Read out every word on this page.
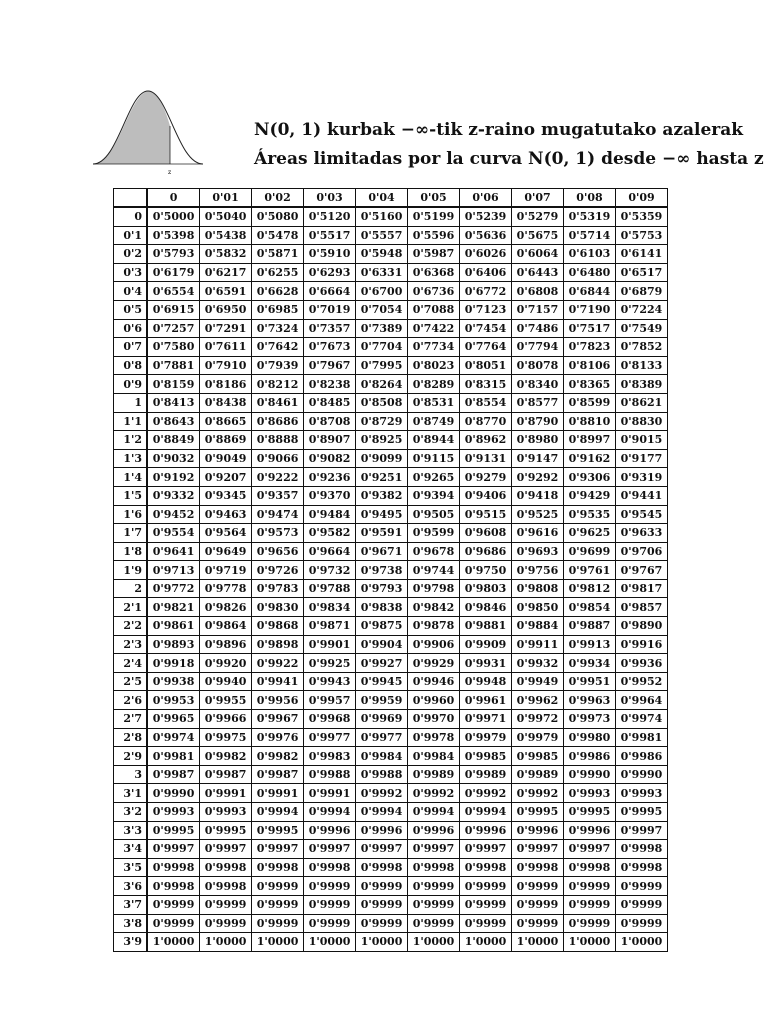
z
N(0, 1) kurbak −∞-tik z-raino mugatutako azalerak
Áreas limitadas por la curva N(0, 1) desde −∞ hasta z
	0	0'01	0'02	0'03	0'04	0'05	0'06	0'07	0'08	0'09
0	0'5000	0'5040	0'5080	0'5120	0'5160	0'5199	0'5239	0'5279	0'5319	0'5359
0'1	0'5398	0'5438	0'5478	0'5517	0'5557	0'5596	0'5636	0'5675	0'5714	0'5753
0'2	0'5793	0'5832	0'5871	0'5910	0'5948	0'5987	0'6026	0'6064	0'6103	0'6141
0'3	0'6179	0'6217	0'6255	0'6293	0'6331	0'6368	0'6406	0'6443	0'6480	0'6517
0'4	0'6554	0'6591	0'6628	0'6664	0'6700	0'6736	0'6772	0'6808	0'6844	0'6879
0'5	0'6915	0'6950	0'6985	0'7019	0'7054	0'7088	0'7123	0'7157	0'7190	0'7224
0'6	0'7257	0'7291	0'7324	0'7357	0'7389	0'7422	0'7454	0'7486	0'7517	0'7549
0'7	0'7580	0'7611	0'7642	0'7673	0'7704	0'7734	0'7764	0'7794	0'7823	0'7852
0'8	0'7881	0'7910	0'7939	0'7967	0'7995	0'8023	0'8051	0'8078	0'8106	0'8133
0'9	0'8159	0'8186	0'8212	0'8238	0'8264	0'8289	0'8315	0'8340	0'8365	0'8389
1	0'8413	0'8438	0'8461	0'8485	0'8508	0'8531	0'8554	0'8577	0'8599	0'8621
1'1	0'8643	0'8665	0'8686	0'8708	0'8729	0'8749	0'8770	0'8790	0'8810	0'8830
1'2	0'8849	0'8869	0'8888	0'8907	0'8925	0'8944	0'8962	0'8980	0'8997	0'9015
1'3	0'9032	0'9049	0'9066	0'9082	0'9099	0'9115	0'9131	0'9147	0'9162	0'9177
1'4	0'9192	0'9207	0'9222	0'9236	0'9251	0'9265	0'9279	0'9292	0'9306	0'9319
1'5	0'9332	0'9345	0'9357	0'9370	0'9382	0'9394	0'9406	0'9418	0'9429	0'9441
1'6	0'9452	0'9463	0'9474	0'9484	0'9495	0'9505	0'9515	0'9525	0'9535	0'9545
1'7	0'9554	0'9564	0'9573	0'9582	0'9591	0'9599	0'9608	0'9616	0'9625	0'9633
1'8	0'9641	0'9649	0'9656	0'9664	0'9671	0'9678	0'9686	0'9693	0'9699	0'9706
1'9	0'9713	0'9719	0'9726	0'9732	0'9738	0'9744	0'9750	0'9756	0'9761	0'9767
2	0'9772	0'9778	0'9783	0'9788	0'9793	0'9798	0'9803	0'9808	0'9812	0'9817
2'1	0'9821	0'9826	0'9830	0'9834	0'9838	0'9842	0'9846	0'9850	0'9854	0'9857
2'2	0'9861	0'9864	0'9868	0'9871	0'9875	0'9878	0'9881	0'9884	0'9887	0'9890
2'3	0'9893	0'9896	0'9898	0'9901	0'9904	0'9906	0'9909	0'9911	0'9913	0'9916
2'4	0'9918	0'9920	0'9922	0'9925	0'9927	0'9929	0'9931	0'9932	0'9934	0'9936
2'5	0'9938	0'9940	0'9941	0'9943	0'9945	0'9946	0'9948	0'9949	0'9951	0'9952
2'6	0'9953	0'9955	0'9956	0'9957	0'9959	0'9960	0'9961	0'9962	0'9963	0'9964
2'7	0'9965	0'9966	0'9967	0'9968	0'9969	0'9970	0'9971	0'9972	0'9973	0'9974
2'8	0'9974	0'9975	0'9976	0'9977	0'9977	0'9978	0'9979	0'9979	0'9980	0'9981
2'9	0'9981	0'9982	0'9982	0'9983	0'9984	0'9984	0'9985	0'9985	0'9986	0'9986
3	0'9987	0'9987	0'9987	0'9988	0'9988	0'9989	0'9989	0'9989	0'9990	0'9990
3'1	0'9990	0'9991	0'9991	0'9991	0'9992	0'9992	0'9992	0'9992	0'9993	0'9993
3'2	0'9993	0'9993	0'9994	0'9994	0'9994	0'9994	0'9994	0'9995	0'9995	0'9995
3'3	0'9995	0'9995	0'9995	0'9996	0'9996	0'9996	0'9996	0'9996	0'9996	0'9997
3'4	0'9997	0'9997	0'9997	0'9997	0'9997	0'9997	0'9997	0'9997	0'9997	0'9998
3'5	0'9998	0'9998	0'9998	0'9998	0'9998	0'9998	0'9998	0'9998	0'9998	0'9998
3'6	0'9998	0'9998	0'9999	0'9999	0'9999	0'9999	0'9999	0'9999	0'9999	0'9999
3'7	0'9999	0'9999	0'9999	0'9999	0'9999	0'9999	0'9999	0'9999	0'9999	0'9999
3'8	0'9999	0'9999	0'9999	0'9999	0'9999	0'9999	0'9999	0'9999	0'9999	0'9999
3'9	1'0000	1'0000	1'0000	1'0000	1'0000	1'0000	1'0000	1'0000	1'0000	1'0000
